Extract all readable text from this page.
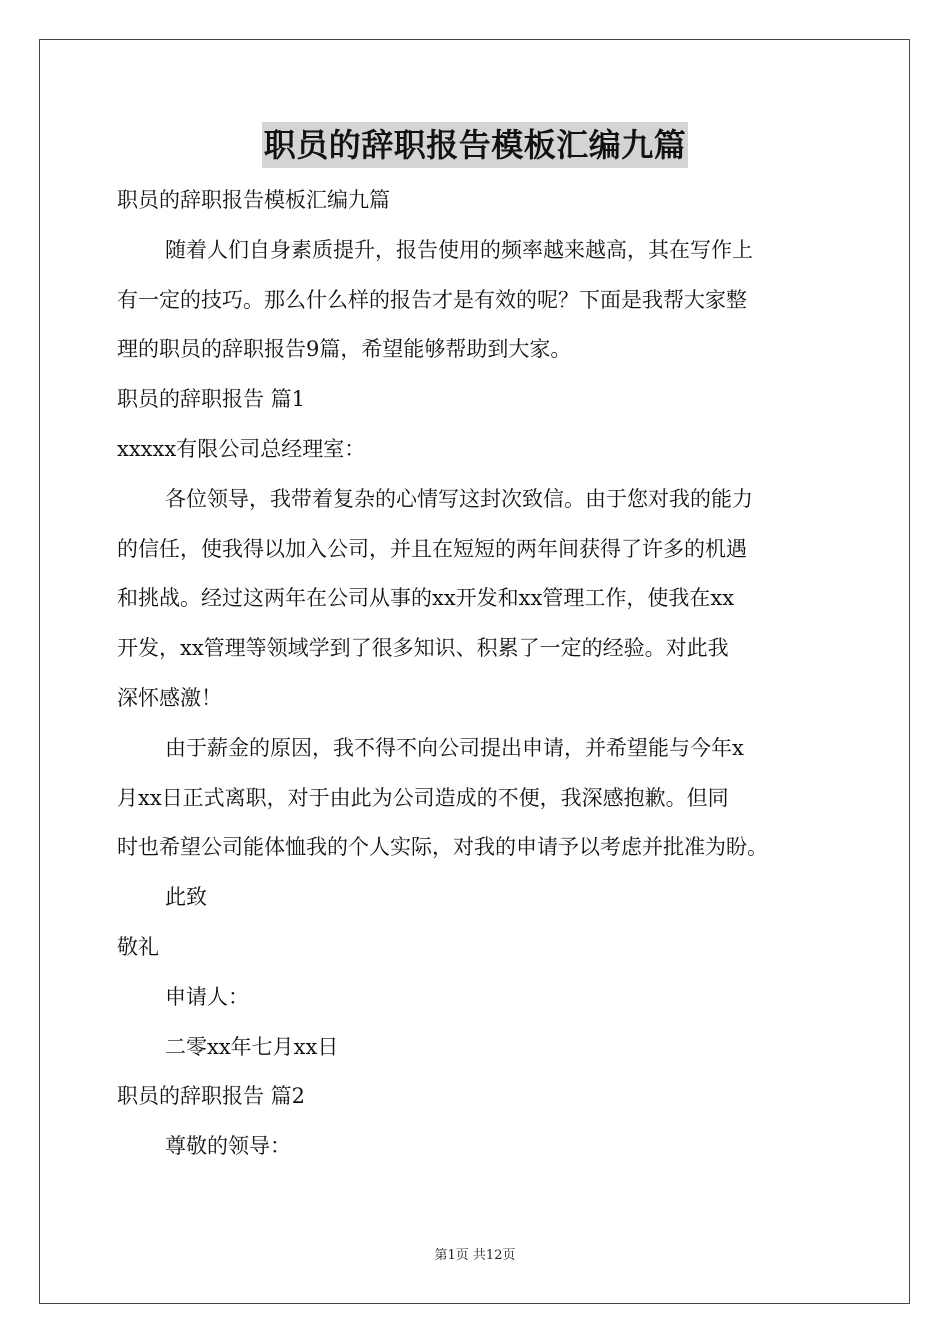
职员的辞职报告模板汇编九篇
职员的辞职报告模板汇编九篇
随着人们自身素质提升，报告使用的频率越来越高，其在写作上
有一定的技巧。那么什么样的报告才是有效的呢？下面是我帮大家整
理的职员的辞职报告9篇，希望能够帮助到大家。
职员的辞职报告 篇1
xxxxx有限公司总经理室：
各位领导，我带着复杂的心情写这封次致信。由于您对我的能力
的信任，使我得以加入公司，并且在短短的两年间获得了许多的机遇
和挑战。经过这两年在公司从事的xx开发和xx管理工作，使我在xx
开发，xx管理等领域学到了很多知识、积累了一定的经验。对此我
深怀感激！
由于薪金的原因，我不得不向公司提出申请，并希望能与今年x
月xx日正式离职，对于由此为公司造成的不便，我深感抱歉。但同
时也希望公司能体恤我的个人实际，对我的申请予以考虑并批准为盼。
此致
敬礼
申请人：
二零xx年七月xx日
职员的辞职报告 篇2
尊敬的领导：
第1页 共12页
